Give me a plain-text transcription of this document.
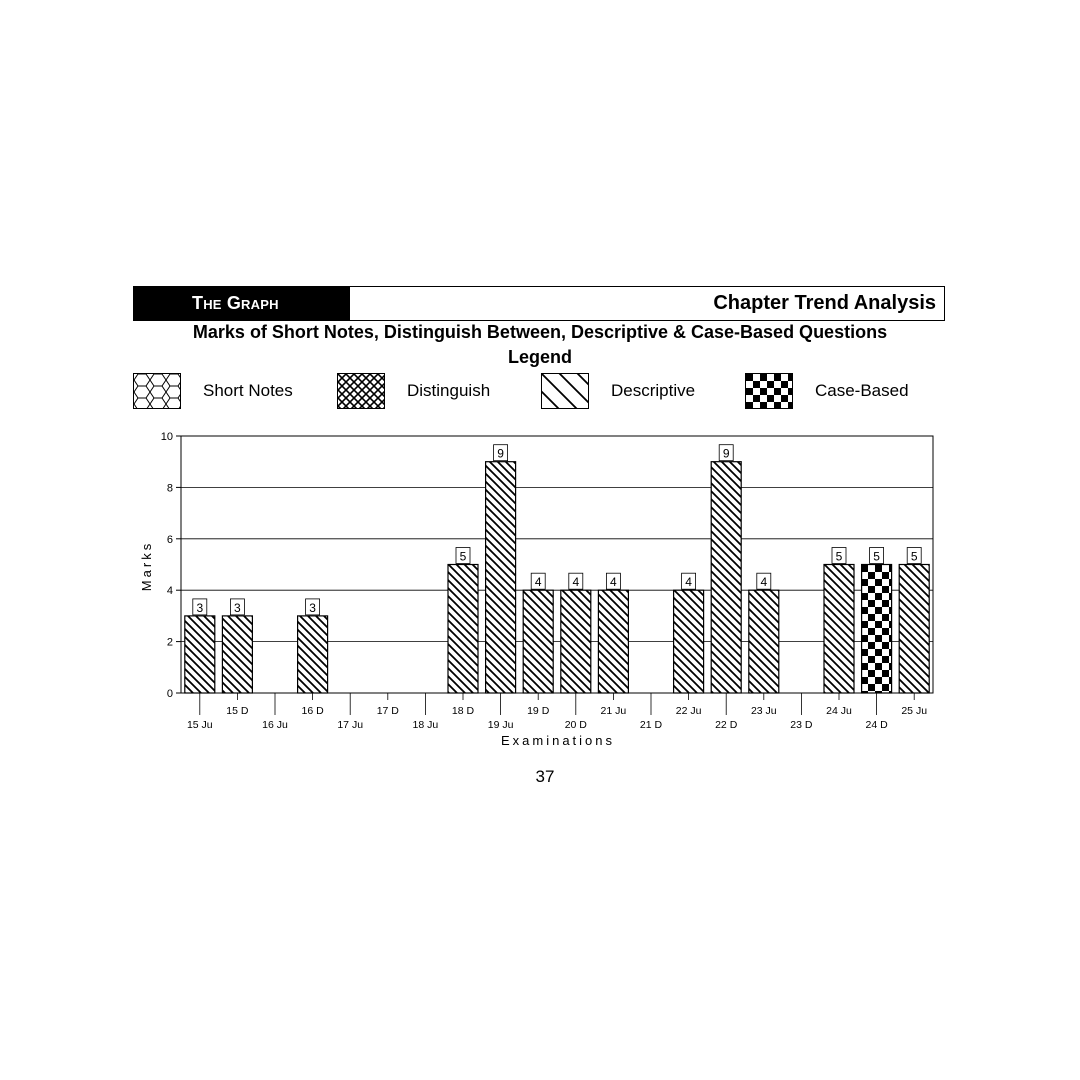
The Graph	Chapter Trend Analysis
Marks of Short Notes, Distinguish Between, Descriptive & Case-Based Questions
Legend
Short Notes	Distinguish	Descriptive	Case-Based
3	3	3
5
9
4	4	4	4
9
4
5	5	5
0
2
4
6
8
10
15 Ju
15 D
16 Ju
16 D
17 Ju
17 D
18 Ju
18 D
19 Ju
19 D
20 D
21 Ju
21 D
22 Ju
22 D
23 Ju
23 D
24 Ju
24 D
25 Ju
Marks
Examinations
37
